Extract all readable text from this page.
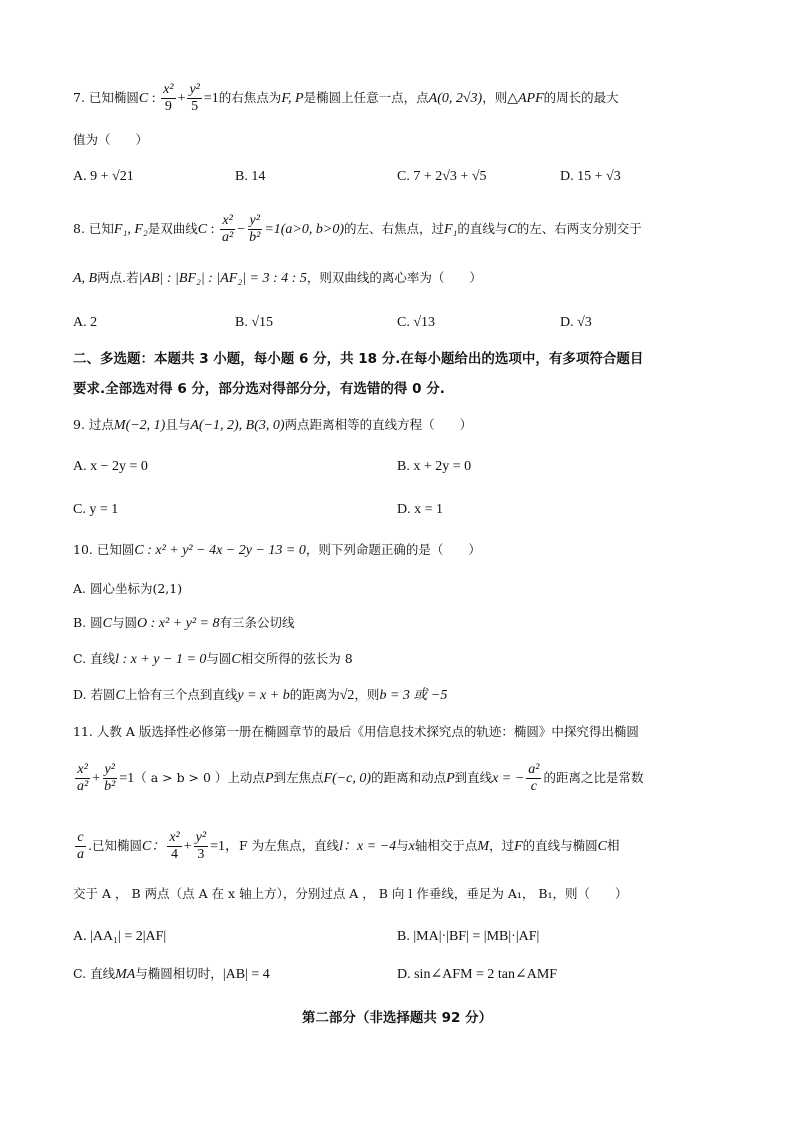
7. 已知椭圆C : $\frac{\text{x²}}{9} + \frac{\text{y²}}{5} =1$的右焦点为F, P是椭圆上任意一点，点A(0, 2√3)，则△APF的周长的最大
值为（　　）
A. 9 + √21	B. 14	C. 7 + 2√3 + √5	D. 15 + √3
8. 已知F₁, F₂是双曲线C : $\frac{\text{x²}}{\text{a²}} - \frac{\text{y²}}{\text{b²}} =1(a>0$, b>0)的左、右焦点，过F₁的直线与C的左、右两支分别交于
A, B两点.若|AB| : |BF₂| : |AF₂| = 3 : 4 : 5，则双曲线的离心率为（　　）
A. 2	B. √15	C. √13	D. √3
二、多选题：本题共 3 小题，每小题 6 分，共 18 分.在每小题给出的选项中，有多项符合题目
要求.全部选对得 6 分，部分选对得部分分，有选错的得 0 分.
9. 过点M(−2, 1)且与A(−1, 2), B(3, 0)两点距离相等的直线方程（　　）
A. x − 2y = 0	B. x + 2y = 0
C. y = 1	D. x = 1
10. 已知圆C : x² + y² − 4x − 2y − 13 = 0，则下列命题正确的是（　　）
A. 圆心坐标为(2,1)
B. 圆C与圆O : x² + y² = 8有三条公切线
C. 直线l : x + y − 1 = 0与圆C相交所得的弦长为 8
D. 若圆C上恰有三个点到直线y = x + b的距离为√2，则b = 3 或 −5
11. 人教 A 版选择性必修第一册在椭圆章节的最后《用信息技术探究点的轨迹：椭圆》中探究得出椭圆
$\frac{\text{x²}}{\text{a²}} + \frac{\text{y²}}{\text{b²}} =1$（ a > b > 0 ）上动点P到左焦点F(−c, 0)的距离和动点P到直线x = − $\frac{\text{a²}}{c}$ 的距离之比是常数
$\frac{c}{a}$ .已知椭圆C： $\frac{\text{x²}}{4} + \frac{\text{y²}}{3} =1$，F 为左焦点，直线l：x = −4与x轴相交于点M，过F的直线与椭圆C相
交于 A ， B 两点（点 A 在 x 轴上方），分别过点 A ， B 向 l 作垂线，垂足为 A₁， B₁，则（　　）
A. |AA₁| = 2|AF|	B. |MA|·|BF| = |MB|·|AF|
C. 直线MA与椭圆相切时，|AB| = 4	D. sin∠AFM = 2 tan∠AMF
第二部分（非选择题共 92 分）
